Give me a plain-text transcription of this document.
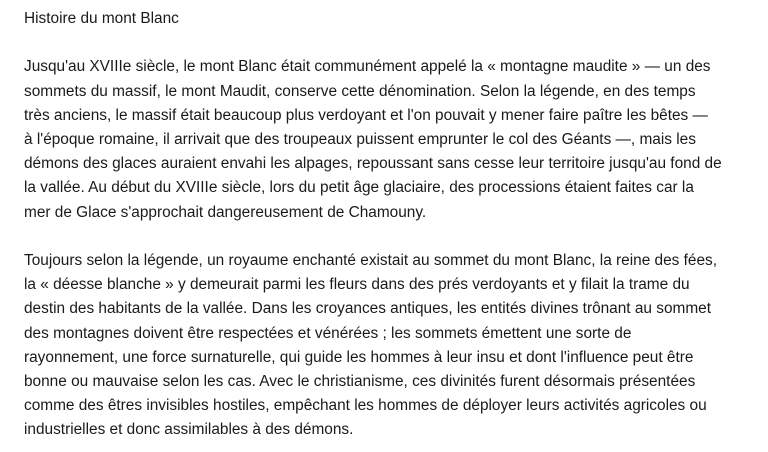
Histoire du mont Blanc
Jusqu'au XVIIIe siècle, le mont Blanc était communément appelé la « montagne maudite » — un des
sommets du massif, le mont Maudit, conserve cette dénomination. Selon la légende, en des temps
très anciens, le massif était beaucoup plus verdoyant et l'on pouvait y mener faire paître les bêtes —
à l'époque romaine, il arrivait que des troupeaux puissent emprunter le col des Géants —, mais les
démons des glaces auraient envahi les alpages, repoussant sans cesse leur territoire jusqu'au fond de
la vallée. Au début du XVIIIe siècle, lors du petit âge glaciaire, des processions étaient faites car la
mer de Glace s'approchait dangereusement de Chamouny.
Toujours selon la légende, un royaume enchanté existait au sommet du mont Blanc, la reine des fées,
la « déesse blanche » y demeurait parmi les fleurs dans des prés verdoyants et y filait la trame du
destin des habitants de la vallée. Dans les croyances antiques, les entités divines trônant au sommet
des montagnes doivent être respectées et vénérées ; les sommets émettent une sorte de
rayonnement, une force surnaturelle, qui guide les hommes à leur insu et dont l'influence peut être
bonne ou mauvaise selon les cas. Avec le christianisme, ces divinités furent désormais présentées
comme des êtres invisibles hostiles, empêchant les hommes de déployer leurs activités agricoles ou
industrielles et donc assimilables à des démons.
